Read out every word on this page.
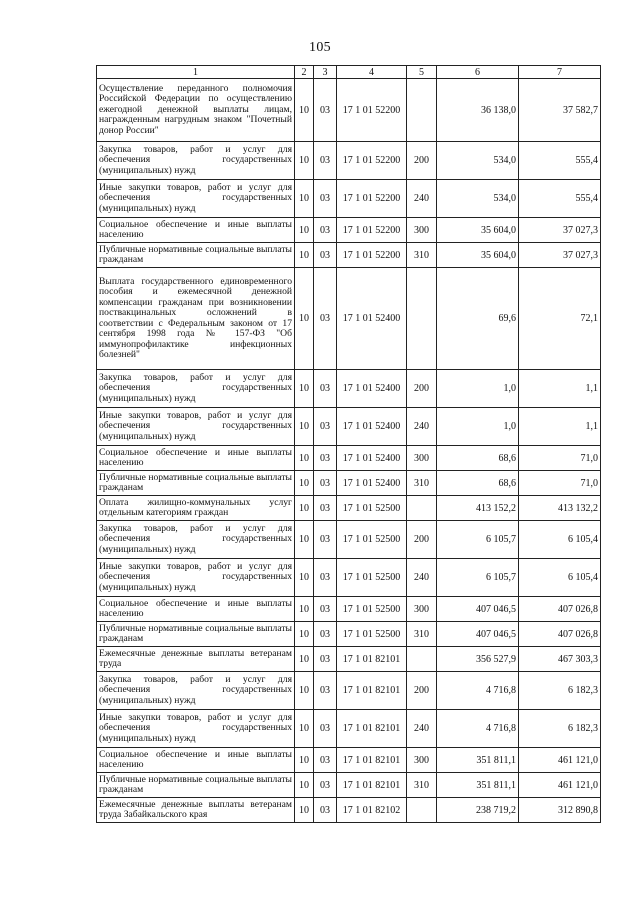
105
1	2	3	4	5	6	7
Осуществление переданного полномочия Российской Федерации по осуществлению ежегодной денежной выплаты лицам, награжденным нагрудным знаком "Почетный донор России"	10	03	17 1 01 52200		36 138,0	37 582,7
Закупка товаров, работ и услуг для обеспечения государственных (муниципальных) нужд	10	03	17 1 01 52200	200	534,0	555,4
Иные закупки товаров, работ и услуг для обеспечения государственных (муниципальных) нужд	10	03	17 1 01 52200	240	534,0	555,4
Социальное обеспечение и иные выплаты населению	10	03	17 1 01 52200	300	35 604,0	37 027,3
Публичные нормативные социальные выплаты гражданам	10	03	17 1 01 52200	310	35 604,0	37 027,3
Выплата государственного единовременного пособия и ежемесячной денежной компенсации гражданам при возникновении поствакцинальных осложнений в соответствии с Федеральным законом от 17 сентября 1998 года № 157-ФЗ "Об иммунопрофилактике инфекционных болезней"	10	03	17 1 01 52400		69,6	72,1
Закупка товаров, работ и услуг для обеспечения государственных (муниципальных) нужд	10	03	17 1 01 52400	200	1,0	1,1
Иные закупки товаров, работ и услуг для обеспечения государственных (муниципальных) нужд	10	03	17 1 01 52400	240	1,0	1,1
Социальное обеспечение и иные выплаты населению	10	03	17 1 01 52400	300	68,6	71,0
Публичные нормативные социальные выплаты гражданам	10	03	17 1 01 52400	310	68,6	71,0
Оплата жилищно-коммунальных услуг отдельным категориям граждан	10	03	17 1 01 52500		413 152,2	413 132,2
Закупка товаров, работ и услуг для обеспечения государственных (муниципальных) нужд	10	03	17 1 01 52500	200	6 105,7	6 105,4
Иные закупки товаров, работ и услуг для обеспечения государственных (муниципальных) нужд	10	03	17 1 01 52500	240	6 105,7	6 105,4
Социальное обеспечение и иные выплаты населению	10	03	17 1 01 52500	300	407 046,5	407 026,8
Публичные нормативные социальные выплаты гражданам	10	03	17 1 01 52500	310	407 046,5	407 026,8
Ежемесячные денежные выплаты ветеранам труда	10	03	17 1 01 82101		356 527,9	467 303,3
Закупка товаров, работ и услуг для обеспечения государственных (муниципальных) нужд	10	03	17 1 01 82101	200	4 716,8	6 182,3
Иные закупки товаров, работ и услуг для обеспечения государственных (муниципальных) нужд	10	03	17 1 01 82101	240	4 716,8	6 182,3
Социальное обеспечение и иные выплаты населению	10	03	17 1 01 82101	300	351 811,1	461 121,0
Публичные нормативные социальные выплаты гражданам	10	03	17 1 01 82101	310	351 811,1	461 121,0
Ежемесячные денежные выплаты ветеранам труда Забайкальского края	10	03	17 1 01 82102		238 719,2	312 890,8
